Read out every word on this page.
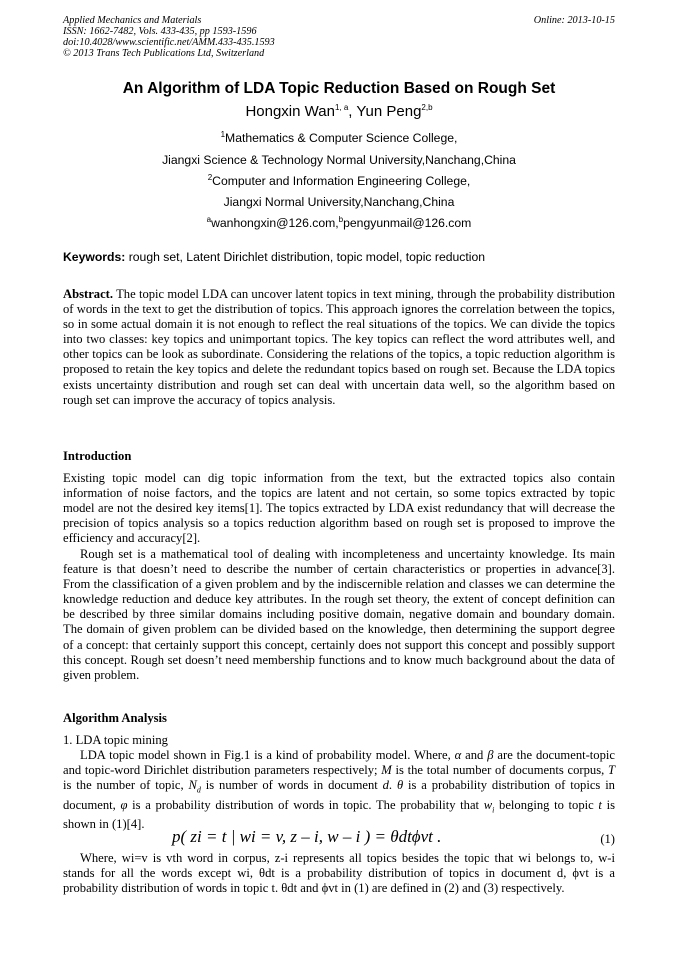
Applied Mechanics and Materials	Online: 2013-10-15
ISSN: 1662-7482, Vols. 433-435, pp 1593-1596
doi:10.4028/www.scientific.net/AMM.433-435.1593
© 2013 Trans Tech Publications Ltd, Switzerland
An Algorithm of LDA Topic Reduction Based on Rough Set
Hongxin Wan$^{1, a}$, Yun Peng$^{2,b}$
$^1$Mathematics & Computer Science College,
Jiangxi Science & Technology Normal University,Nanchang,China
$^2$Computer and Information Engineering College,
Jiangxi Normal University,Nanchang,China
$^a$wanhongxin@126.com,$^b$pengyunmail@126.com
Keywords: rough set, Latent Dirichlet distribution, topic model, topic reduction

Abstract. The topic model LDA can uncover latent topics in text mining, through the probability distribution of words in the text to get the distribution of topics. This approach ignores the correlation between the topics, so in some actual domain it is not enough to reflect the real situations of the topics. We can divide the topics into two classes: key topics and unimportant topics. The key topics can reflect the word attributes well, and other topics can be look as subordinate. Considering the relations of the topics, a topic reduction algorithm is proposed to retain the key topics and delete the redundant topics based on rough set. Because the LDA topics exists uncertainty distribution and rough set can deal with uncertain data well, so the algorithm based on rough set can improve the accuracy of topics analysis.

Introduction

Existing topic model can dig topic information from the text, but the extracted topics also contain information of noise factors, and the topics are latent and not certain, so some topics extracted by topic model are not the desired key items[1]. The topics extracted by LDA exist redundancy that will decrease the precision of topics analysis so a topics reduction algorithm based on rough set is proposed to improve the efficiency and accuracy[2].

Rough set is a mathematical tool of dealing with incompleteness and uncertainty knowledge. Its main feature is that doesn’t need to describe the number of certain characteristics or properties in advance[3]. From the classification of a given problem and by the indiscernible relation and classes we can determine the knowledge reduction and deduce key attributes. In the rough set theory, the extent of concept definition can be described by three similar domains including positive domain, negative domain and boundary domain. The domain of given problem can be divided based on the knowledge, then determining the support degree of a concept: that certainly support this concept, certainly does not support this concept and possibly support this concept. Rough set doesn’t need membership functions and to know much background about the data of given problem.

Algorithm Analysis
1. LDA topic mining

LDA topic model shown in Fig.1 is a kind of probability model. Where, α and β are the document-topic and topic-word Dirichlet distribution parameters respectively; M is the total number of documents corpus, T is the number of topic, $N_d$ is number of words in document d. θ is a probability distribution of topics in document, φ is a probability distribution of words in topic. The probability that $w_i$ belonging to topic t is shown in (1)[4].

p( zi = t | wi = v, z – i, w – i ) = θdtϕvt .	(1)

Where, wi=v is vth word in corpus, z-i represents all topics besides the topic that wi belongs to, w-i stands for all the words except wi, θdt is a probability distribution of topics in document d, ϕvt is a probability distribution of words in topic t. θdt and ϕvt in (1) are defined in (2) and (3) respectively.
